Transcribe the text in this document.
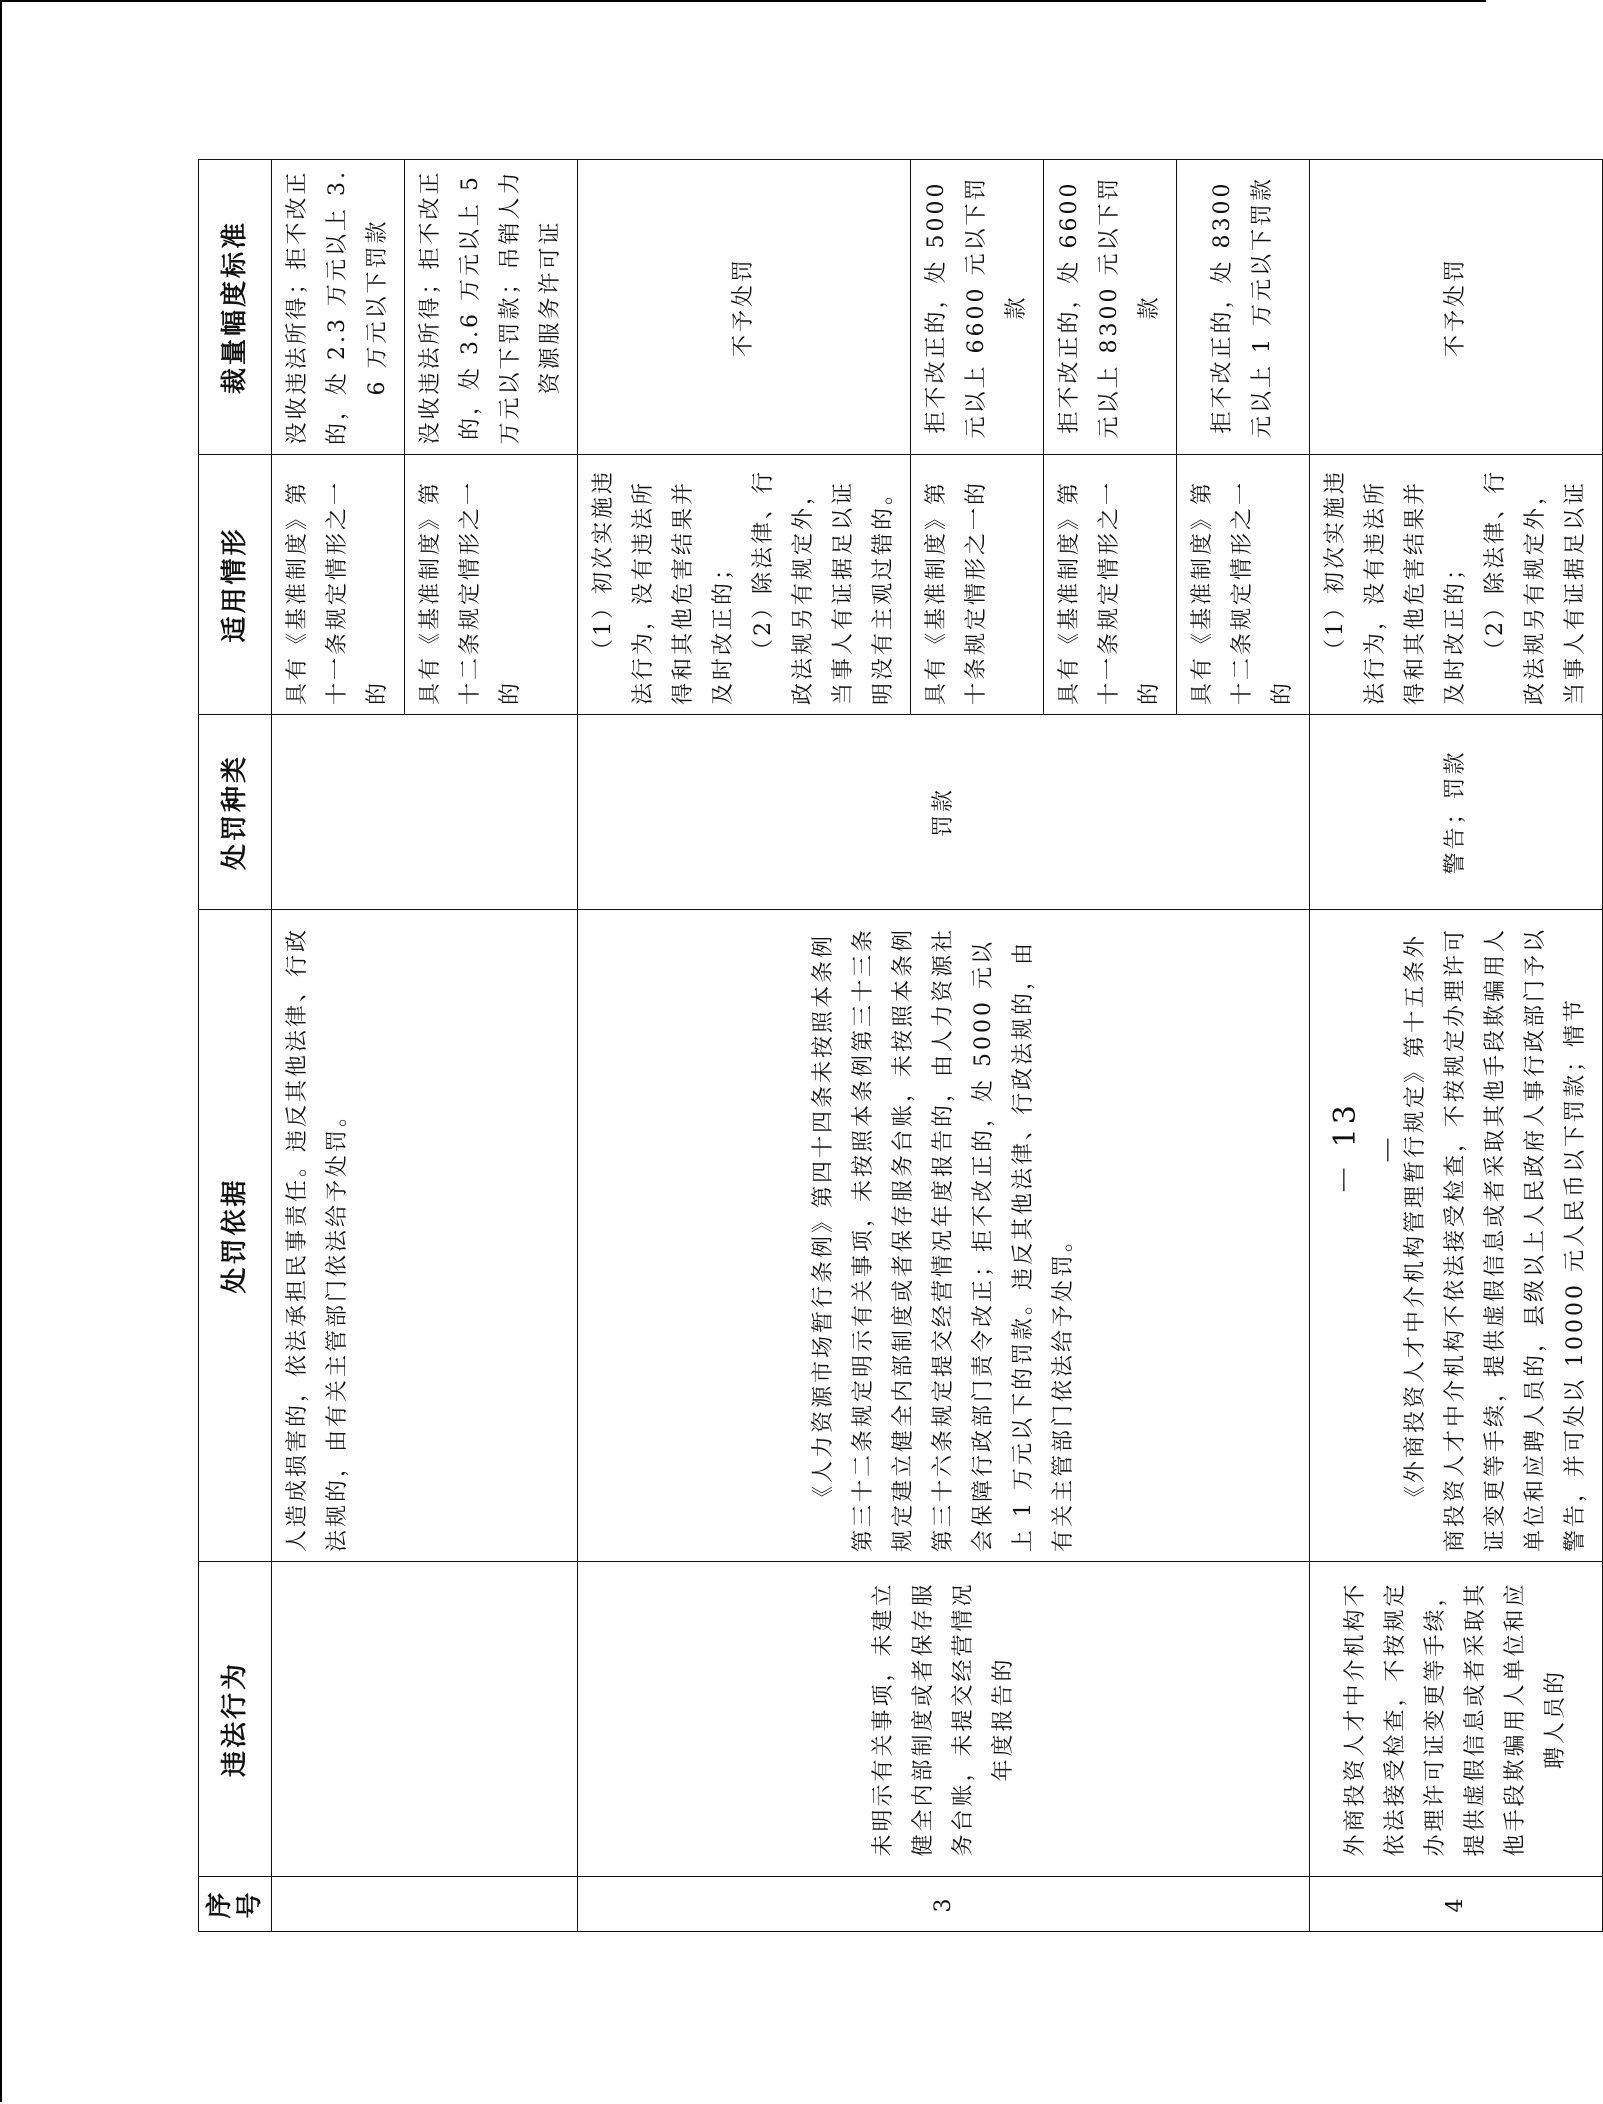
序号	违法行为	处罚依据	处罚种类	适用情形	裁量幅度标准
		人造成损害的，依法承担民事责任。违反其他法律、行政法规的，由有关主管部门依法给予处罚。		具有《基准制度》第十一条规定情形之一的	没收违法所得；拒不改正的，处 2.3 万元以上 3.6 万元以下罚款
				具有《基准制度》第十二条规定情形之一的	没收违法所得；拒不改正的，处 3.6 万元以上 5 万元以下罚款；吊销人力资源服务许可证
3	未明示有关事项，未建立健全内部制度或者保存服务台账，未提交经营情况年度报告的	《人力资源市场暂行条例》第四十四条未按照本条例第三十二条规定明示有关事项，未按照本条例第三十三条规定建立健全内部制度或者保存服务台账，未按照本条例第三十六条规定提交经营情况年度报告的，由人力资源社会保障行政部门责令改正；拒不改正的，处 5000 元以上 1 万元以下的罚款。违反其他法律、行政法规的，由有关主管部门依法给予处罚。	罚款	（1）初次实施违法行为，没有违法所得和其他危害结果并及时改正的； （2）除法律、行政法规另有规定外，当事人有证据足以证明没有主观过错的。	不予处罚
				具有《基准制度》第十条规定情形之一的	拒不改正的，处 5000 元以上 6600 元以下罚款
				具有《基准制度》第十一条规定情形之一的	拒不改正的，处 6600 元以上 8300 元以下罚款
				具有《基准制度》第十二条规定情形之一的	拒不改正的，处 8300 元以上 1 万元以下罚款
4	外商投资人才中介机构不依法接受检查，不按规定办理许可证变更等手续，提供虚假信息或者采取其他手段欺骗用人单位和应聘人员的	《外商投资人才中介机构管理暂行规定》第十五条外商投资人才中介机构不依法接受检查，不按规定办理许可证变更等手续，提供虚假信息或者采取其他手段欺骗用人单位和应聘人员的，县级以上人民政府人事行政部门予以警告，并可处以 10000 元人民币以下罚款；情节	警告；罚款	（1）初次实施违法行为，没有违法所得和其他危害结果并及时改正的； （2）除法律、行政法规另有规定外，当事人有证据足以证	不予处罚
－ 13 －
